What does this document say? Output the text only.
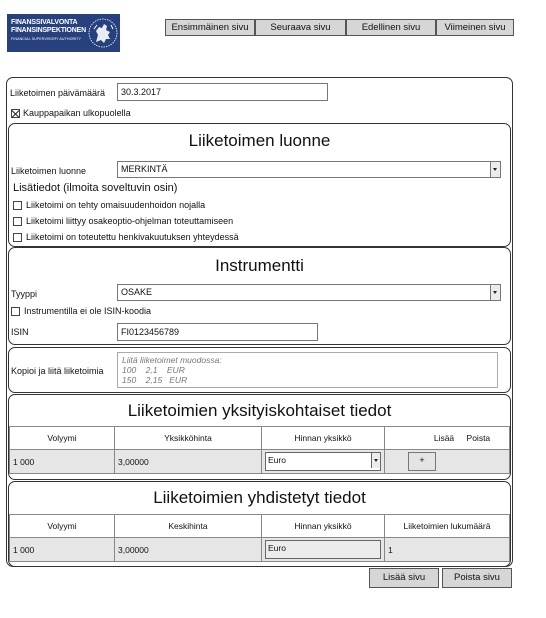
FINANSSIVALVONTA
FINANSINSPEKTIONEN
FINANCIAL SUPERVISORY AUTHORITY
Ensimmäinen sivu	Seuraava sivu	Edellinen sivu	Viimeinen sivu
Liiketoimen päivämäärä	30.3.2017
Kauppapaikan ulkopuolella
Liiketoimen luonne
Liiketoimen luonne	MERKINTÄ
Lisätiedot (ilmoita soveltuvin osin)
Liiketoimi on tehty omaisuudenhoidon nojalla
Liiketoimi liittyy osakeoptio-ohjelman toteuttamiseen
Liiketoimi on toteutettu henkivakuutuksen yhteydessä
Instrumentti
Tyyppi	OSAKE
Instrumentilla ei ole ISIN-koodia
ISIN	FI0123456789
Kopioi ja liitä liiketoimia
Liitä liiketoimet muodossa:
100    2,1    EUR
150    2,15   EUR
Liiketoimien yksityiskohtaiset tiedot
Volyymi	Yksikköhinta	Hinnan yksikkö	Lisää Poista
1 000	3,00000	Euro	+
Liiketoimien yhdistetyt tiedot
Volyymi	Keskihinta	Hinnan yksikkö	Liiketoimien lukumäärä
1 000	3,00000	Euro	1
Lisää sivu	Poista sivu
